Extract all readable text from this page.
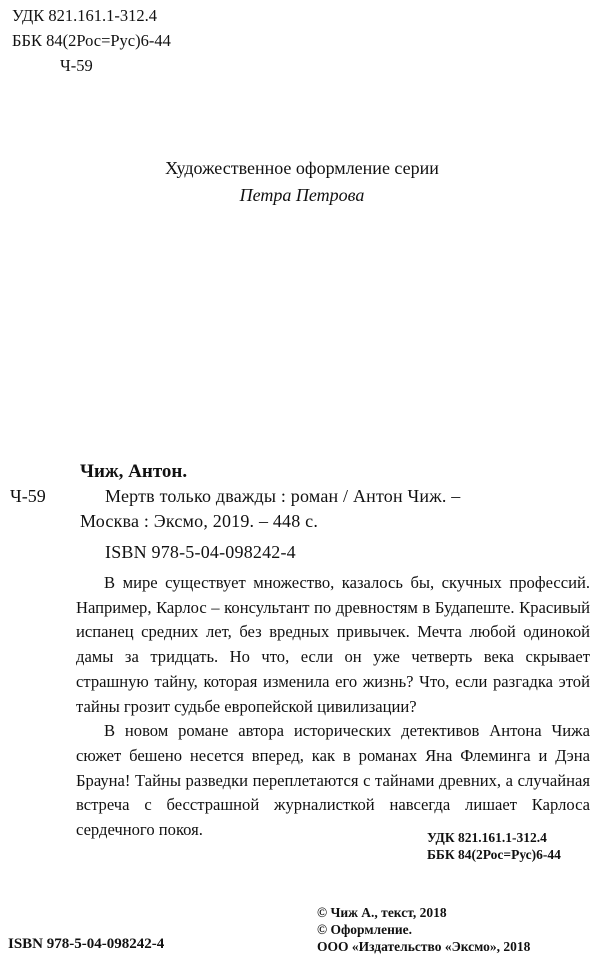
УДК 821.161.1-312.4
ББК 84(2Рос=Рус)6-44
Ч-59
Художественное оформление серии
Петра Петрова
Чиж, Антон.
Ч-59	Мертв только дважды : роман / Антон Чиж. –
Москва : Эксмо, 2019. – 448 с.
ISBN 978-5-04-098242-4

В мире существует множество, казалось бы, скучных профессий. Например, Карлос – консультант по древностям в Будапеште. Красивый испанец средних лет, без вредных привычек. Мечта любой одинокой дамы за тридцать. Но что, если он уже четверть века скрывает страшную тайну, которая изменила его жизнь? Что, если разгадка этой тайны грозит судьбе европейской цивилизации?

В новом романе автора исторических детективов Антона Чижа сюжет бешено несется вперед, как в романах Яна Флеминга и Дэна Брауна! Тайны разведки переплетаются с тайнами древних, а случайная встреча с бесстрашной журналисткой навсегда лишает Карлоса сердечного покоя.	УДК 821.161.1-312.4
ББК 84(2Рос=Рус)6-44
© Чиж А., текст, 2018
© Оформление.
ООО «Издательство «Эксмо», 2018
ISBN 978-5-04-098242-4
